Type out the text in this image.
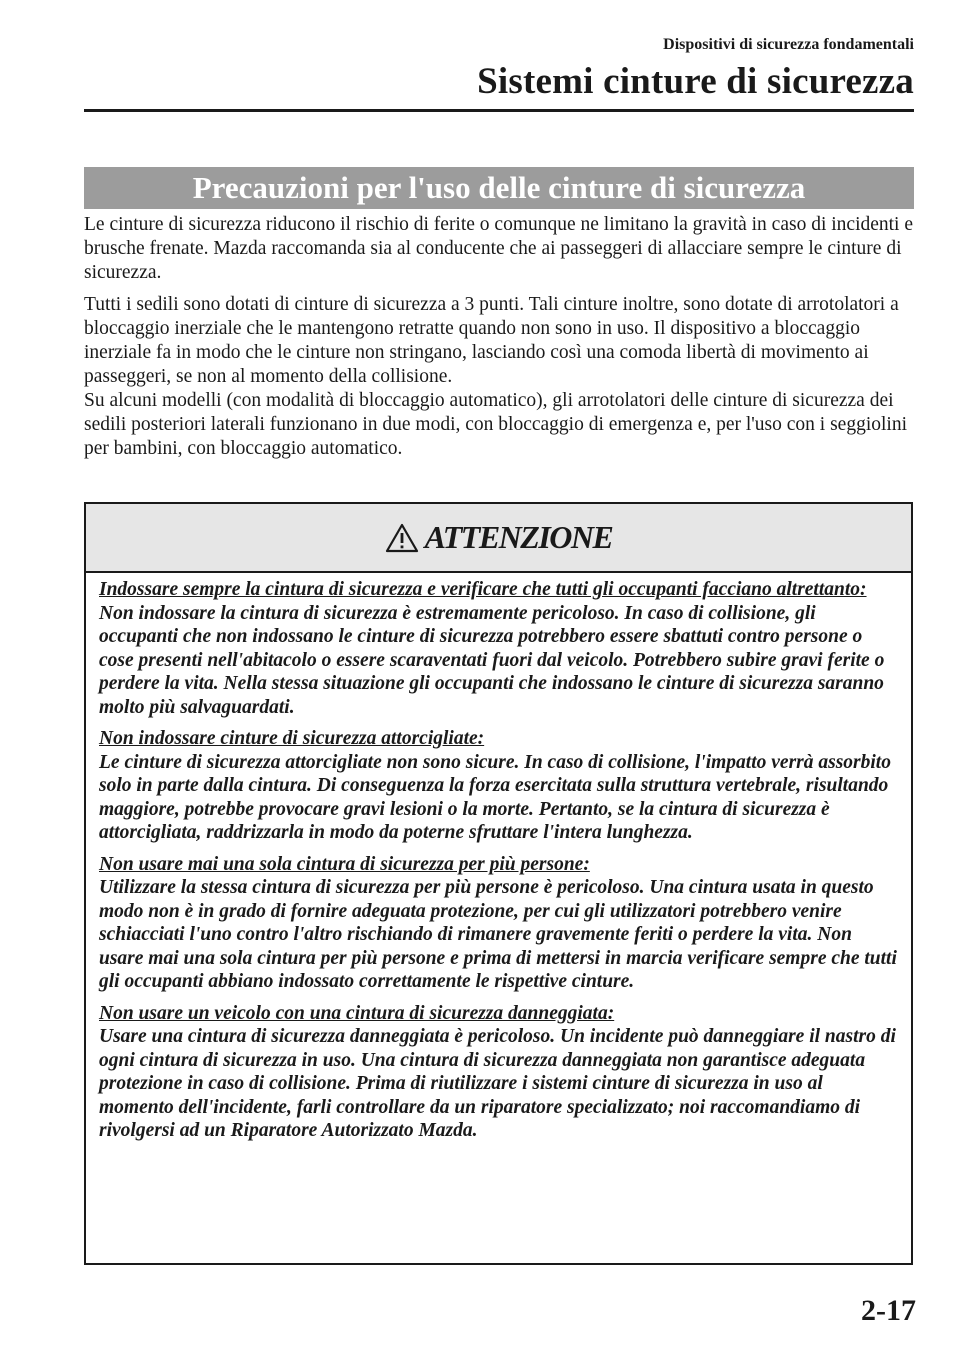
Dispositivi di sicurezza fondamentali
Sistemi cinture di sicurezza
Precauzioni per l'uso delle cinture di sicurezza

Le cinture di sicurezza riducono il rischio di ferite o comunque ne limitano la gravità in caso di incidenti e brusche frenate. Mazda raccomanda sia al conducente che ai passeggeri di allacciare sempre le cinture di sicurezza.

Tutti i sedili sono dotati di cinture di sicurezza a 3 punti. Tali cinture inoltre, sono dotate di arrotolatori a bloccaggio inerziale che le mantengono retratte quando non sono in uso. Il dispositivo a bloccaggio inerziale fa in modo che le cinture non stringano, lasciando così una comoda libertà di movimento ai passeggeri, se non al momento della collisione.

Su alcuni modelli (con modalità di bloccaggio automatico), gli arrotolatori delle cinture di sicurezza dei sedili posteriori laterali funzionano in due modi, con bloccaggio di emergenza e, per l'uso con i seggiolini per bambini, con bloccaggio automatico.

ATTENZIONE
Indossare sempre la cintura di sicurezza e verificare che tutti gli occupanti facciano altrettanto:
Non indossare la cintura di sicurezza è estremamente pericoloso. In caso di collisione, gli occupanti che non indossano le cinture di sicurezza potrebbero essere sbattuti contro persone o cose presenti nell'abitacolo o essere scaraventati fuori dal veicolo. Potrebbero subire gravi ferite o perdere la vita. Nella stessa situazione gli occupanti che indossano le cinture di sicurezza saranno molto più salvaguardati.
Non indossare cinture di sicurezza attorcigliate:
Le cinture di sicurezza attorcigliate non sono sicure. In caso di collisione, l'impatto verrà assorbito solo in parte dalla cintura. Di conseguenza la forza esercitata sulla struttura vertebrale, risultando maggiore, potrebbe provocare gravi lesioni o la morte. Pertanto, se la cintura di sicurezza è attorcigliata, raddrizzarla in modo da poterne sfruttare l'intera lunghezza.
Non usare mai una sola cintura di sicurezza per più persone:
Utilizzare la stessa cintura di sicurezza per più persone è pericoloso. Una cintura usata in questo modo non è in grado di fornire adeguata protezione, per cui gli utilizzatori potrebbero venire schiacciati l'uno contro l'altro rischiando di rimanere gravemente feriti o perdere la vita. Non usare mai una sola cintura per più persone e prima di mettersi in marcia verificare sempre che tutti gli occupanti abbiano indossato correttamente le rispettive cinture.
Non usare un veicolo con una cintura di sicurezza danneggiata:
Usare una cintura di sicurezza danneggiata è pericoloso. Un incidente può danneggiare il nastro di ogni cintura di sicurezza in uso. Una cintura di sicurezza danneggiata non garantisce adeguata protezione in caso di collisione. Prima di riutilizzare i sistemi cinture di sicurezza in uso al momento dell'incidente, farli controllare da un riparatore specializzato; noi raccomandiamo di rivolgersi ad un Riparatore Autorizzato Mazda.
2-17
